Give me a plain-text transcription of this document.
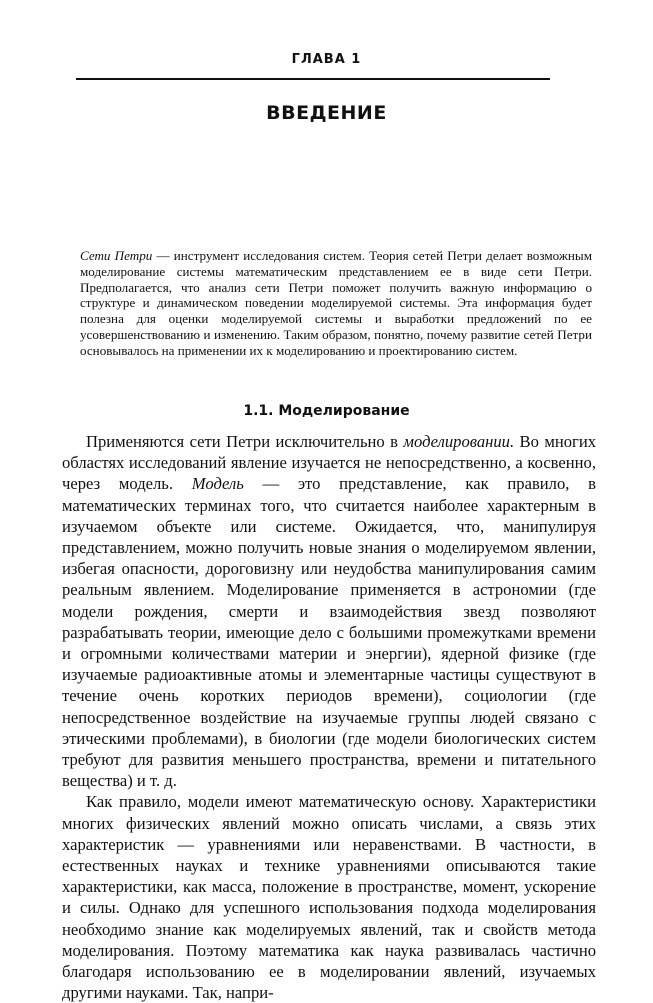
ГЛАВА 1
ВВЕДЕНИЕ

Сети Петри — инструмент исследования систем. Теория сетей Петри делает возможным моделирование системы математическим представлением ее в виде сети Петри. Предполагается, что анализ сети Петри поможет получить важную информацию о структуре и динамическом поведении моделируемой системы. Эта информация будет полезна для оценки моделируемой системы и выработки предложений по ее усовершенствованию и изменению. Таким образом, понятно, почему развитие сетей Петри основывалось на применении их к моделированию и проектированию систем.

1.1. Моделирование

Применяются сети Петри исключительно в моделировании. Во многих областях исследований явление изучается не непосредственно, а косвенно, через модель. Модель — это представление, как правило, в математических терминах того, что считается наиболее характерным в изучаемом объекте или системе. Ожидается, что, манипулируя представлением, можно получить новые знания о моделируемом явлении, избегая опасности, дороговизну или неудобства манипулирования самим реальным явлением. Моделирование применяется в астрономии (где модели рождения, смерти и взаимодействия звезд позволяют разрабатывать теории, имеющие дело с большими промежутками времени и огромными количествами материи и энергии), ядерной физике (где изучаемые радиоактивные атомы и элементарные частицы существуют в течение очень коротких периодов времени), социологии (где непосредственное воздействие на изучаемые группы людей связано с этическими проблемами), в биологии (где модели биологических систем требуют для развития меньшего пространства, времени и питательного вещества) и т. д.

Как правило, модели имеют математическую основу. Характеристики многих физических явлений можно описать числами, а связь этих характеристик — уравнениями или неравенствами. В частности, в естественных науках и технике уравнениями описываются такие характеристики, как масса, положение в пространстве, момент, ускорение и силы. Однако для успешного использования подхода моделирования необходимо знание как моделируемых явлений, так и свойств метода моделирования. Поэтому математика как наука развивалась частично благодаря использованию ее в моделировании явлений, изучаемых другими науками. Так, напри-
